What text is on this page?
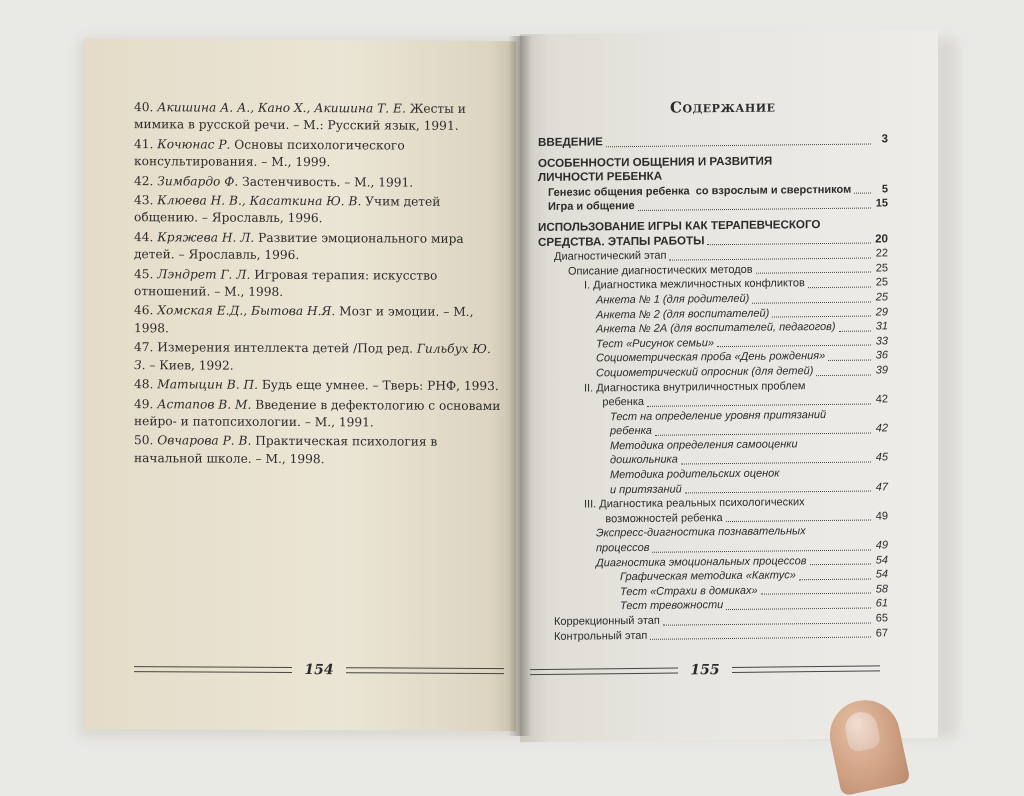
40. Акишина А. А., Кано Х., Акишина Т. Е. Жесты и мимика в русской речи. – М.: Русский язык, 1991.

41. Кочюнас Р. Основы психологического консультирования. – М., 1999.

42. Зимбардо Ф. Застенчивость. – М., 1991.

43. Клюева Н. В., Касаткина Ю. В. Учим детей общению. – Ярославль, 1996.

44. Кряжева Н. Л. Развитие эмоционального мира детей. – Ярославль, 1996.

45. Лэндрет Г. Л. Игровая терапия: искусство отношений. – М., 1998.

46. Хомская Е.Д., Бытова Н.Я. Мозг и эмоции. – М., 1998.

47. Измерения интеллекта детей /Под ред. Гильбух Ю. З. – Киев, 1992.

48. Матыцин В. П. Будь еще умнее. – Тверь: РНФ, 1993.

49. Астапов В. М. Введение в дефектологию с основами нейро- и патопсихологии. – М., 1991.

50. Овчарова Р. В. Практическая психология в начальной школе. – М., 1998.

154
Содержание
ВВЕДЕНИЕ	3
ОСОБЕННОСТИ ОБЩЕНИЯ И РАЗВИТИЯ
ЛИЧНОСТИ РЕБЕНКА
Генезис общения ребенка  со взрослым и сверстником	5
Игра и общение	15
ИСПОЛЬЗОВАНИЕ ИГРЫ КАК ТЕРАПЕВЧЕСКОГО
СРЕДСТВА. ЭТАПЫ РАБОТЫ	20
Диагностический этап	22
Описание диагностических методов	25
I. Диагностика межличностных конфликтов	25
Анкета № 1 (для родителей)	25
Анкета № 2 (для воспитателей)	29
Анкета № 2А (для воспитателей, педагогов)	31
Тест «Рисунок семьи»	33
Социометрическая проба «День рождения»	36
Социометрический опросник (для детей)	39
II. Диагностика внутриличностных проблем
ребенка	42
Тест на определение уровня притязаний
ребенка	42
Методика определения самооценки
дошкольника	45
Методика родительских оценок
и притязаний	47
III. Диагностика реальных психологических
возможностей ребенка	49
Экспресс-диагностика познавательных
процессов	49
Диагностика эмоциональных процессов	54
Графическая методика «Кактус»	54
Тест «Страхи в домиках»	58
Тест тревожности	61
Коррекционный этап	65
Контрольный этап	67
155
